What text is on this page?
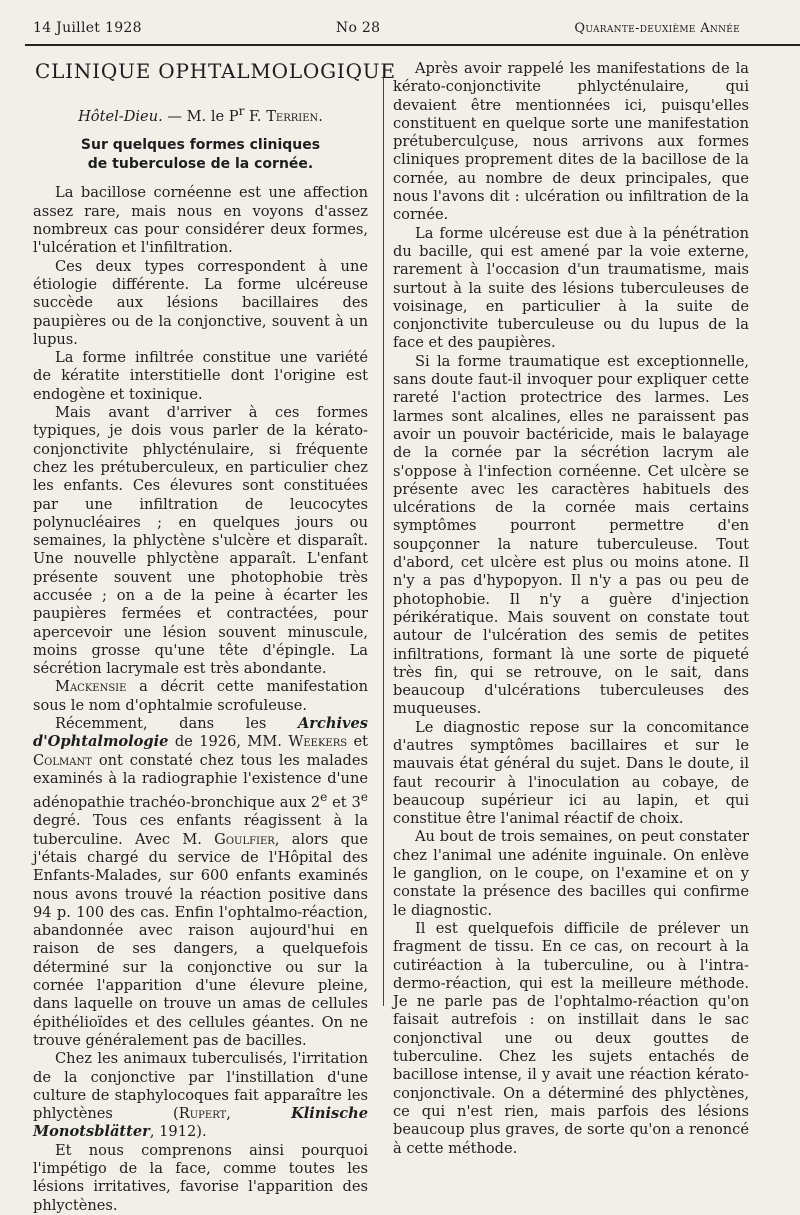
14 Juillet 1928	No 28	Quarante-deuxième Année
CLINIQUE OPHTALMOLOGIQUE

Hôtel-Dieu. — M. le $P^r$ F. Terrien.

Sur quelques formes cliniques
de tuberculose de la cornée.

La bacillose cornéenne est une affection assez rare, mais nous en voyons d'assez nombreux cas pour considérer deux formes, l'ulcération et l'infiltration.

Ces deux types correspondent à une étiologie différente. La forme ulcéreuse succède aux lésions bacillaires des paupières ou de la conjonctive, souvent à un lupus.

La forme infiltrée constitue une variété de kératite interstitielle dont l'origine est endogène et toxinique.

Mais avant d'arriver à ces formes typiques, je dois vous parler de la kérato-conjonctivite phlycténulaire, si fréquente chez les prétuberculeux, en particulier chez les enfants. Ces élevures sont constituées par une infiltration de leucocytes polynucléaires ; en quelques jours ou semaines, la phlyctène s'ulcère et disparaît. Une nouvelle phlyctène apparaît. L'enfant présente souvent une photophobie très accusée ; on a de la peine à écarter les paupières fermées et contractées, pour apercevoir une lésion souvent minuscule, moins grosse qu'une tête d'épingle. La sécrétion lacrymale est très abondante.

Mackensie a décrit cette manifestation sous le nom d'ophtalmie scrofuleuse.

Récemment, dans les Archives d'Ophtalmologie de 1926, MM. Weekers et Colmant ont constaté chez tous les malades examinés à la radiographie l'existence d'une adénopathie trachéo-bronchique aux 2e et 3e degré. Tous ces enfants réagissent à la tuberculine. Avec M. Goulfier, alors que j'étais chargé du service de l'Hôpital des Enfants-Malades, sur 600 enfants examinés nous avons trouvé la réaction positive dans 94 p. 100 des cas. Enfin l'ophtalmo-réaction, abandonnée avec raison aujourd'hui en raison de ses dangers, a quelquefois déterminé sur la conjonctive ou sur la cornée l'apparition d'une élevure pleine, dans laquelle on trouve un amas de cellules épithélioïdes et des cellules géantes. On ne trouve généralement pas de bacilles.

Chez les animaux tuberculisés, l'irritation de la conjonctive par l'instillation d'une culture de staphylocoques fait apparaître les phlyctènes (Rupert, Klinische Monotsblätter, 1912).

Et nous comprenons ainsi pourquoi l'impétigo de la face, comme toutes les lésions irritatives, favorise l'apparition des phlyctènes.

Après avoir rappelé les manifestations de la kérato-conjonctivite phlycténulaire, qui devaient être mentionnées ici, puisqu'elles constituent en quelque sorte une manifestation prétuberculçuse, nous arrivons aux formes cliniques proprement dites de la bacillose de la cornée, au nombre de deux principales, que nous l'avons dit : ulcération ou infiltration de la cornée.

La forme ulcéreuse est due à la pénétration du bacille, qui est amené par la voie externe, rarement à l'occasion d'un traumatisme, mais surtout à la suite des lésions tuberculeuses de voisinage, en particulier à la suite de conjonctivite tuberculeuse ou du lupus de la face et des paupières.

Si la forme traumatique est exceptionnelle, sans doute faut-il invoquer pour expliquer cette rareté l'action protectrice des larmes. Les larmes sont alcalines, elles ne paraissent pas avoir un pouvoir bactéricide, mais le balayage de la cornée par la sécrétion lacrym ale s'oppose à l'infection cornéenne. Cet ulcère se présente avec les caractères habituels des ulcérations de la cornée mais certains symptômes pourront permettre d'en soupçonner la nature tuberculeuse. Tout d'abord, cet ulcère est plus ou moins atone. Il n'y a pas d'hypopyon. Il n'y a pas ou peu de photophobie. Il n'y a guère d'injection périkératique. Mais souvent on constate tout autour de l'ulcération des semis de petites infiltrations, formant là une sorte de piqueté très fin, qui se retrouve, on le sait, dans beaucoup d'ulcérations tuberculeuses des muqueuses.

Le diagnostic repose sur la concomitance d'autres symptômes bacillaires et sur le mauvais état général du sujet. Dans le doute, il faut recourir à l'inoculation au cobaye, de beaucoup supérieur ici au lapin, et qui constitue être l'animal réactif de choix.

Au bout de trois semaines, on peut constater chez l'animal une adénite inguinale. On enlève le ganglion, on le coupe, on l'examine et on y constate la présence des bacilles qui confirme le diagnostic.

Il est quelquefois difficile de prélever un fragment de tissu. En ce cas, on recourt à la cutiréaction à la tuberculine, ou à l'intra-dermo-réaction, qui est la meilleure méthode. Je ne parle pas de l'ophtalmo-réaction qu'on faisait autrefois : on instillait dans le sac conjonctival une ou deux gouttes de tuberculine. Chez les sujets entachés de bacillose intense, il y avait une réaction kérato-conjonctivale. On a déterminé des phlyctènes, ce qui n'est rien, mais parfois des lésions beaucoup plus graves, de sorte qu'on a renoncé à cette méthode.
